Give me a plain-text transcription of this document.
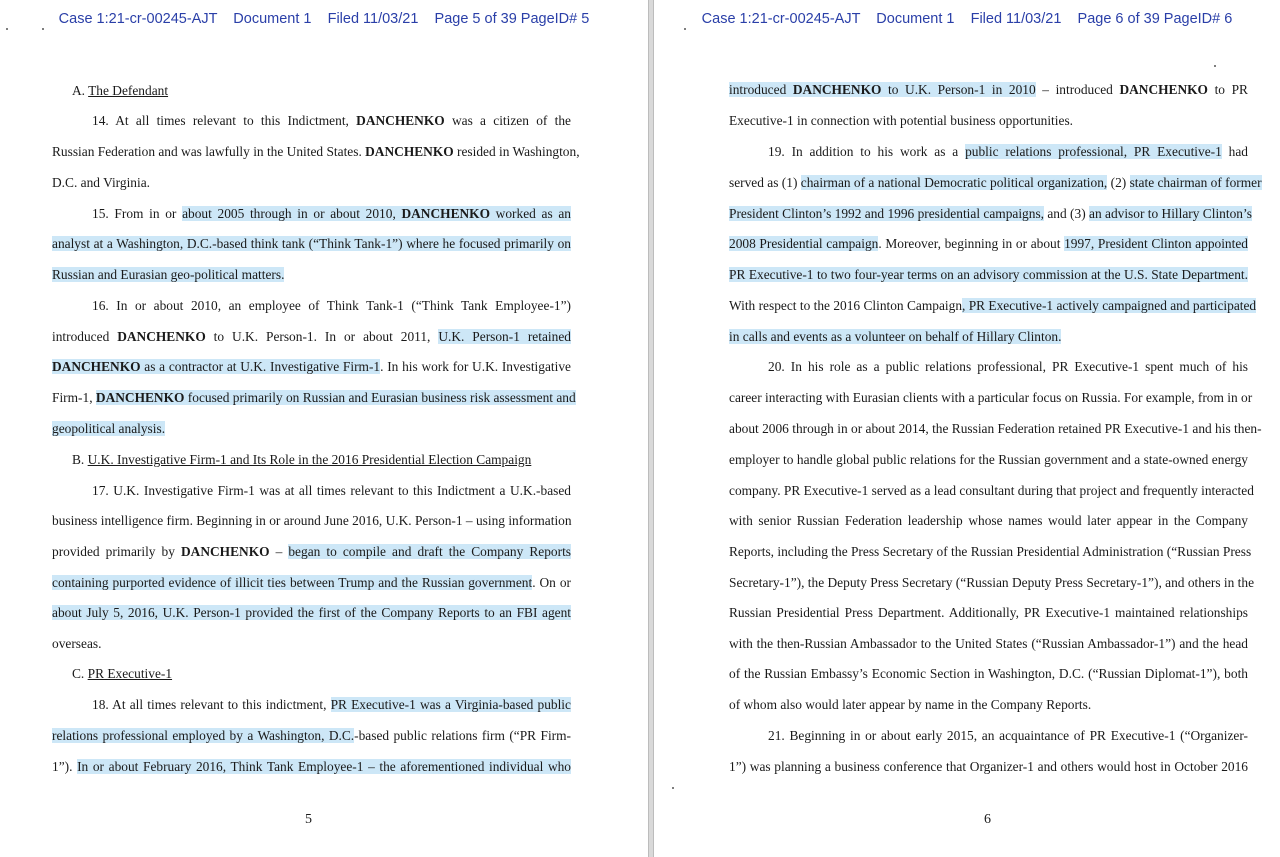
Case 1:21-cr-00245-AJT    Document 1    Filed 11/03/21    Page 5 of 39 PageID# 5
A. The Defendant
14. At all times relevant to this Indictment, DANCHENKO was a citizen of the
Russian Federation and was lawfully in the United States. DANCHENKO resided in Washington,
D.C. and Virginia.
15. From in or about 2005 through in or about 2010, DANCHENKO worked as an
analyst at a Washington, D.C.-based think tank (“Think Tank-1”) where he focused primarily on
Russian and Eurasian geo-political matters.
16. In or about 2010, an employee of Think Tank-1 (“Think Tank Employee-1”)
introduced DANCHENKO to U.K. Person-1. In or about 2011, U.K. Person-1 retained
DANCHENKO as a contractor at U.K. Investigative Firm-1. In his work for U.K. Investigative
Firm-1, DANCHENKO focused primarily on Russian and Eurasian business risk assessment and
geopolitical analysis.
B. U.K. Investigative Firm-1 and Its Role in the 2016 Presidential Election Campaign
17. U.K. Investigative Firm-1 was at all times relevant to this Indictment a U.K.-based
business intelligence firm. Beginning in or around June 2016, U.K. Person-1 – using information
provided primarily by DANCHENKO – began to compile and draft the Company Reports
containing purported evidence of illicit ties between Trump and the Russian government. On or
about July 5, 2016, U.K. Person-1 provided the first of the Company Reports to an FBI agent
overseas.
C. PR Executive-1
18. At all times relevant to this indictment, PR Executive-1 was a Virginia-based public
relations professional employed by a Washington, D.C.-based public relations firm (“PR Firm-
1”). In or about February 2016, Think Tank Employee-1 – the aforementioned individual who
5
Case 1:21-cr-00245-AJT    Document 1    Filed 11/03/21    Page 6 of 39 PageID# 6
introduced DANCHENKO to U.K. Person-1 in 2010 – introduced DANCHENKO to PR
Executive-1 in connection with potential business opportunities.
19. In addition to his work as a public relations professional, PR Executive-1 had
served as (1) chairman of a national Democratic political organization, (2) state chairman of former
President Clinton’s 1992 and 1996 presidential campaigns, and (3) an advisor to Hillary Clinton’s
2008 Presidential campaign. Moreover, beginning in or about 1997, President Clinton appointed
PR Executive-1 to two four-year terms on an advisory commission at the U.S. State Department.
With respect to the 2016 Clinton Campaign, PR Executive-1 actively campaigned and participated
in calls and events as a volunteer on behalf of Hillary Clinton.
20. In his role as a public relations professional, PR Executive-1 spent much of his
career interacting with Eurasian clients with a particular focus on Russia. For example, from in or
about 2006 through in or about 2014, the Russian Federation retained PR Executive-1 and his then-
employer to handle global public relations for the Russian government and a state-owned energy
company. PR Executive-1 served as a lead consultant during that project and frequently interacted
with senior Russian Federation leadership whose names would later appear in the Company
Reports, including the Press Secretary of the Russian Presidential Administration (“Russian Press
Secretary-1”), the Deputy Press Secretary (“Russian Deputy Press Secretary-1”), and others in the
Russian Presidential Press Department. Additionally, PR Executive-1 maintained relationships
with the then-Russian Ambassador to the United States (“Russian Ambassador-1”) and the head
of the Russian Embassy’s Economic Section in Washington, D.C. (“Russian Diplomat-1”), both
of whom also would later appear by name in the Company Reports.
21. Beginning in or about early 2015, an acquaintance of PR Executive-1 (“Organizer-
1”) was planning a business conference that Organizer-1 and others would host in October 2016
6
